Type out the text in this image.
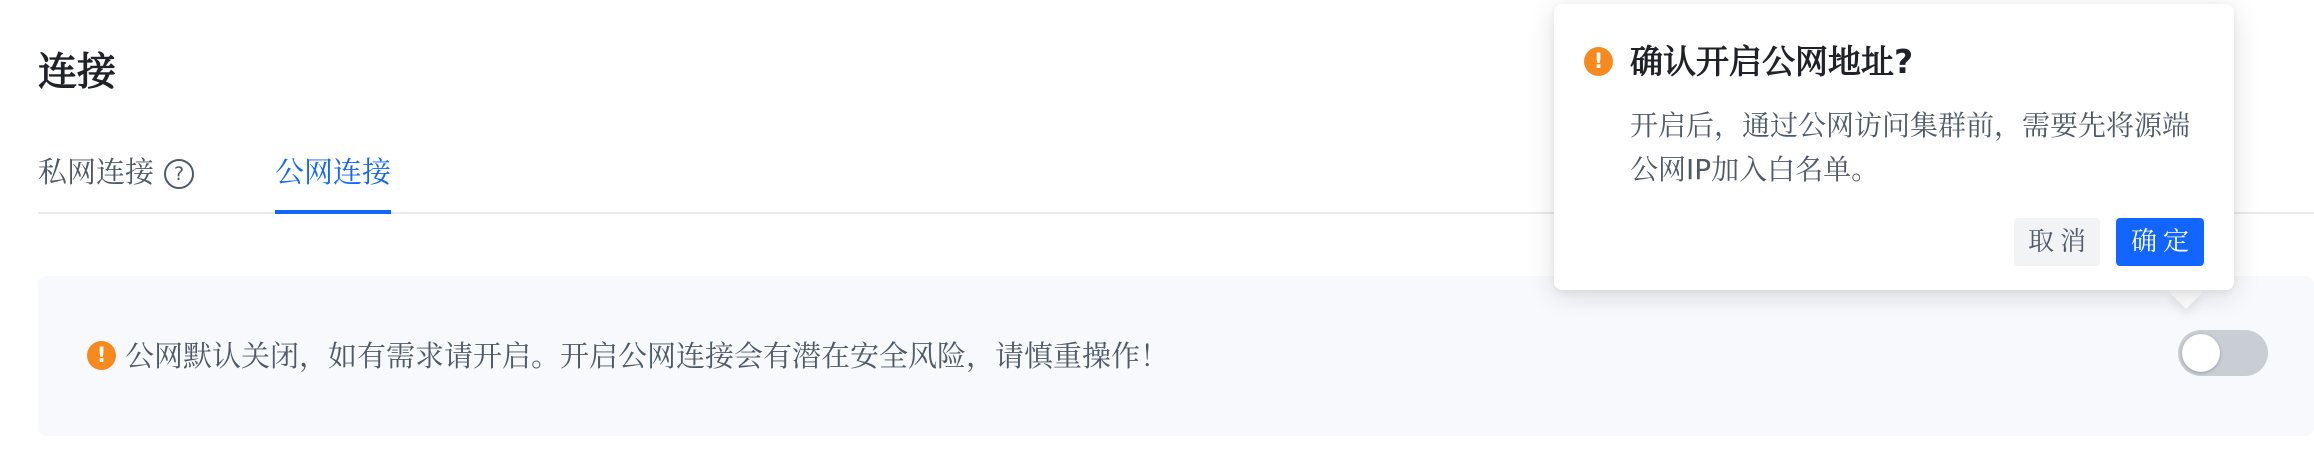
连接
私网连接 ?	公网连接
! 公网默认关闭，如有需求请开启。开启公网连接会有潜在安全风险，请慎重操作！
! 确认开启公网地址?
开启后，通过公网访问集群前，需要先将源端公网IP加入白名单。
取消	确定
